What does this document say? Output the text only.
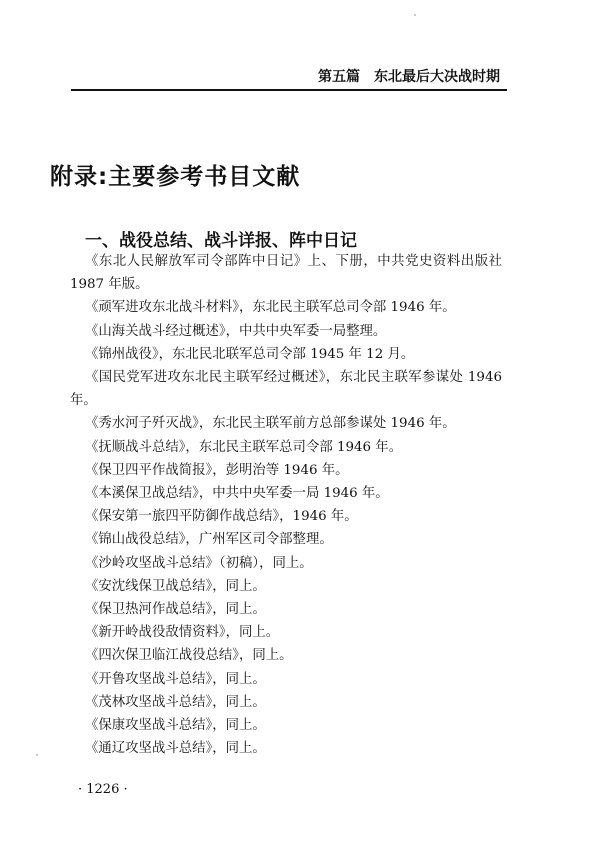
第五篇 东北最后大决战时期
附录:主要参考书目文献
一、战役总结、战斗详报、阵中日记
《东北人民解放军司令部阵中日记》上、下册，中共党史资料出版社 1987 年版。
《顽军进攻东北战斗材料》，东北民主联军总司令部 1946 年。
《山海关战斗经过概述》，中共中央军委一局整理。
《锦州战役》，东北民北联军总司令部 1945 年 12 月。
《国民党军进攻东北民主联军经过概述》，东北民主联军参谋处 1946 年。
《秀水河子歼灭战》，东北民主联军前方总部参谋处 1946 年。
《抚顺战斗总结》，东北民主联军总司令部 1946 年。
《保卫四平作战简报》，彭明治等 1946 年。
《本溪保卫战总结》，中共中央军委一局 1946 年。
《保安第一旅四平防御作战总结》，1946 年。
《锦山战役总结》，广州军区司令部整理。
《沙岭攻坚战斗总结》（初稿），同上。
《安沈线保卫战总结》，同上。
《保卫热河作战总结》，同上。
《新开岭战役敌情资料》，同上。
《四次保卫临江战役总结》，同上。
《开鲁攻坚战斗总结》，同上。
《茂林攻坚战斗总结》，同上。
《保康攻坚战斗总结》，同上。
《通辽攻坚战斗总结》，同上。
· 1226 ·
